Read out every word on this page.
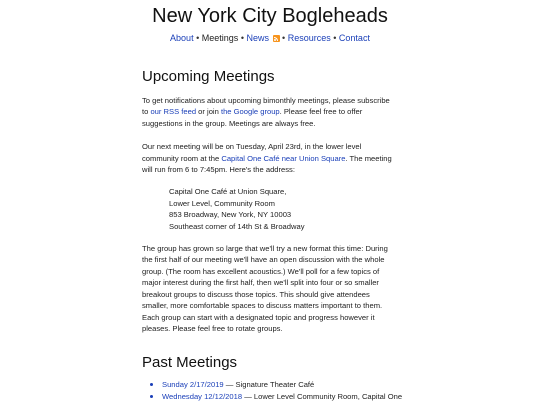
New York City Bogleheads
About • Meetings • News • Resources • Contact
Upcoming Meetings

To get notifications about upcoming bimonthly meetings, please subscribe to our RSS feed or join the Google group. Please feel free to offer suggestions in the group. Meetings are always free.

Our next meeting will be on Tuesday, April 23rd, in the lower level community room at the Capital One Café near Union Square. The meeting will run from 6 to 7:45pm. Here's the address:

Capital One Café at Union Square,
Lower Level, Community Room
853 Broadway, New York, NY 10003
Southeast corner of 14th St & Broadway

The group has grown so large that we'll try a new format this time: During the first half of our meeting we'll have an open discussion with the whole group. (The room has excellent acoustics.) We'll poll for a few topics of major interest during the first half, then we'll split into four or so smaller breakout groups to discuss those topics. This should give attendees smaller, more comfortable spaces to discuss matters important to them. Each group can start with a designated topic and progress however it pleases. Please feel free to rotate groups.

Past Meetings
Sunday 2/17/2019 — Signature Theater Café
Wednesday 12/12/2018 — Lower Level Community Room, Capital One
